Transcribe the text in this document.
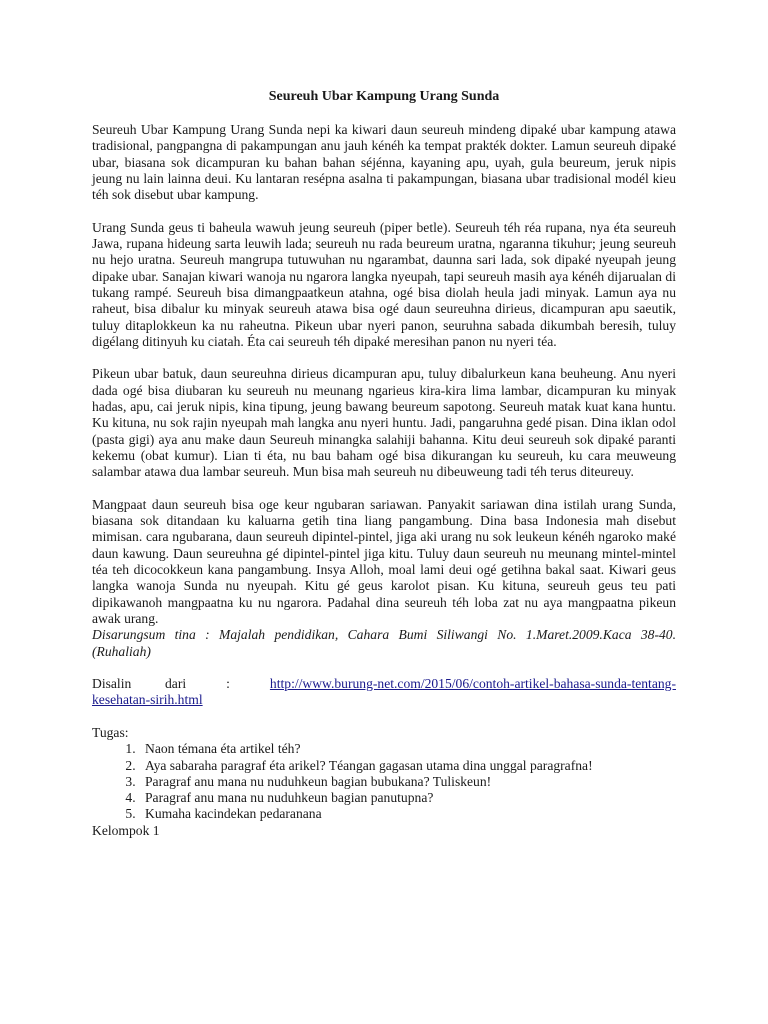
Seureuh Ubar Kampung Urang Sunda

Seureuh Ubar Kampung Urang Sunda nepi ka kiwari daun seureuh mindeng dipaké ubar kampung atawa tradisional, pangpangna di pakampungan anu jauh kénéh ka tempat prakték dokter. Lamun seureuh dipaké ubar, biasana sok dicampuran ku bahan bahan séjénna, kayaning apu, uyah, gula beureum, jeruk nipis jeung nu lain lainna deui. Ku lantaran resépna asalna ti pakampungan, biasana ubar tradisional modél kieu téh sok disebut ubar kampung.

Urang Sunda geus ti baheula wawuh jeung seureuh (piper betle). Seureuh téh réa rupana, nya éta seureuh Jawa, rupana hideung sarta leuwih lada; seureuh nu rada beureum uratna, ngaranna tikuhur; jeung seureuh nu hejo uratna. Seureuh mangrupa tutuwuhan nu ngarambat, daunna sari lada, sok dipaké nyeupah jeung dipake ubar. Sanajan kiwari wanoja nu ngarora langka nyeupah, tapi seureuh masih aya kénéh dijarualan di tukang rampé. Seureuh bisa dimangpaatkeun atahna, ogé bisa diolah heula jadi minyak. Lamun aya nu raheut, bisa dibalur ku minyak seureuh atawa bisa ogé daun seureuhna dirieus, dicampuran apu saeutik, tuluy ditaplokkeun ka nu raheutna. Pikeun ubar nyeri panon, seuruhna sabada dikumbah beresih, tuluy digélang ditinyuh ku ciatah. Éta cai seureuh téh dipaké meresihan panon nu nyeri téa.

Pikeun ubar batuk, daun seureuhna dirieus dicampuran apu, tuluy dibalurkeun kana beuheung. Anu nyeri dada ogé bisa diubaran ku seureuh nu meunang ngarieus kira-kira lima lambar, dicampuran ku minyak hadas, apu, cai jeruk nipis, kina tipung, jeung bawang beureum sapotong. Seureuh matak kuat kana huntu. Ku kituna, nu sok rajin nyeupah mah langka anu nyeri huntu. Jadi, pangaruhna gedé pisan. Dina iklan odol (pasta gigi) aya anu make daun Seureuh minangka salahiji bahanna. Kitu deui seureuh sok dipaké paranti kekemu (obat kumur). Lian ti éta, nu bau baham ogé bisa dikurangan ku seureuh, ku cara meuweung salambar atawa dua lambar seureuh. Mun bisa mah seureuh nu dibeuweung tadi téh terus diteureuy.

Mangpaat daun seureuh bisa oge keur ngubaran sariawan. Panyakit sariawan dina istilah urang Sunda, biasana sok ditandaan ku kaluarna getih tina liang pangambung. Dina basa Indonesia mah disebut mimisan. cara ngubarana, daun seureuh dipintel-pintel, jiga aki urang nu sok leukeun kénéh ngaroko maké daun kawung. Daun seureuhna gé dipintel-pintel jiga kitu. Tuluy daun seureuh nu meunang mintel-mintel téa teh dicocokkeun kana pangambung. Insya Alloh, moal lami deui ogé getihna bakal saat. Kiwari geus langka wanoja Sunda nu nyeupah. Kitu gé geus karolot pisan. Ku kituna, seureuh geus teu pati dipikawanoh mangpaatna ku nu ngarora. Padahal dina seureuh téh loba zat nu aya mangpaatna pikeun awak urang.

Disarungsum tina : Majalah pendidikan, Cahara Bumi Siliwangi No. 1.Maret.2009.Kaca 38-40. (Ruhaliah)

Disalin dari	:	http://www.burung-net.com/2015/06/contoh-artikel-bahasa-sunda-tentang-kesehatan-sirih.html

Tugas:

1. Naon témana éta artikel téh?
2. Aya sabaraha paragraf éta arikel? Téangan gagasan utama dina unggal paragrafna!
3. Paragraf anu mana nu nuduhkeun bagian bubukana? Tuliskeun!
4. Paragraf anu mana nu nuduhkeun bagian panutupna?
5. Kumaha kacindekan pedaranana

Kelompok 1
